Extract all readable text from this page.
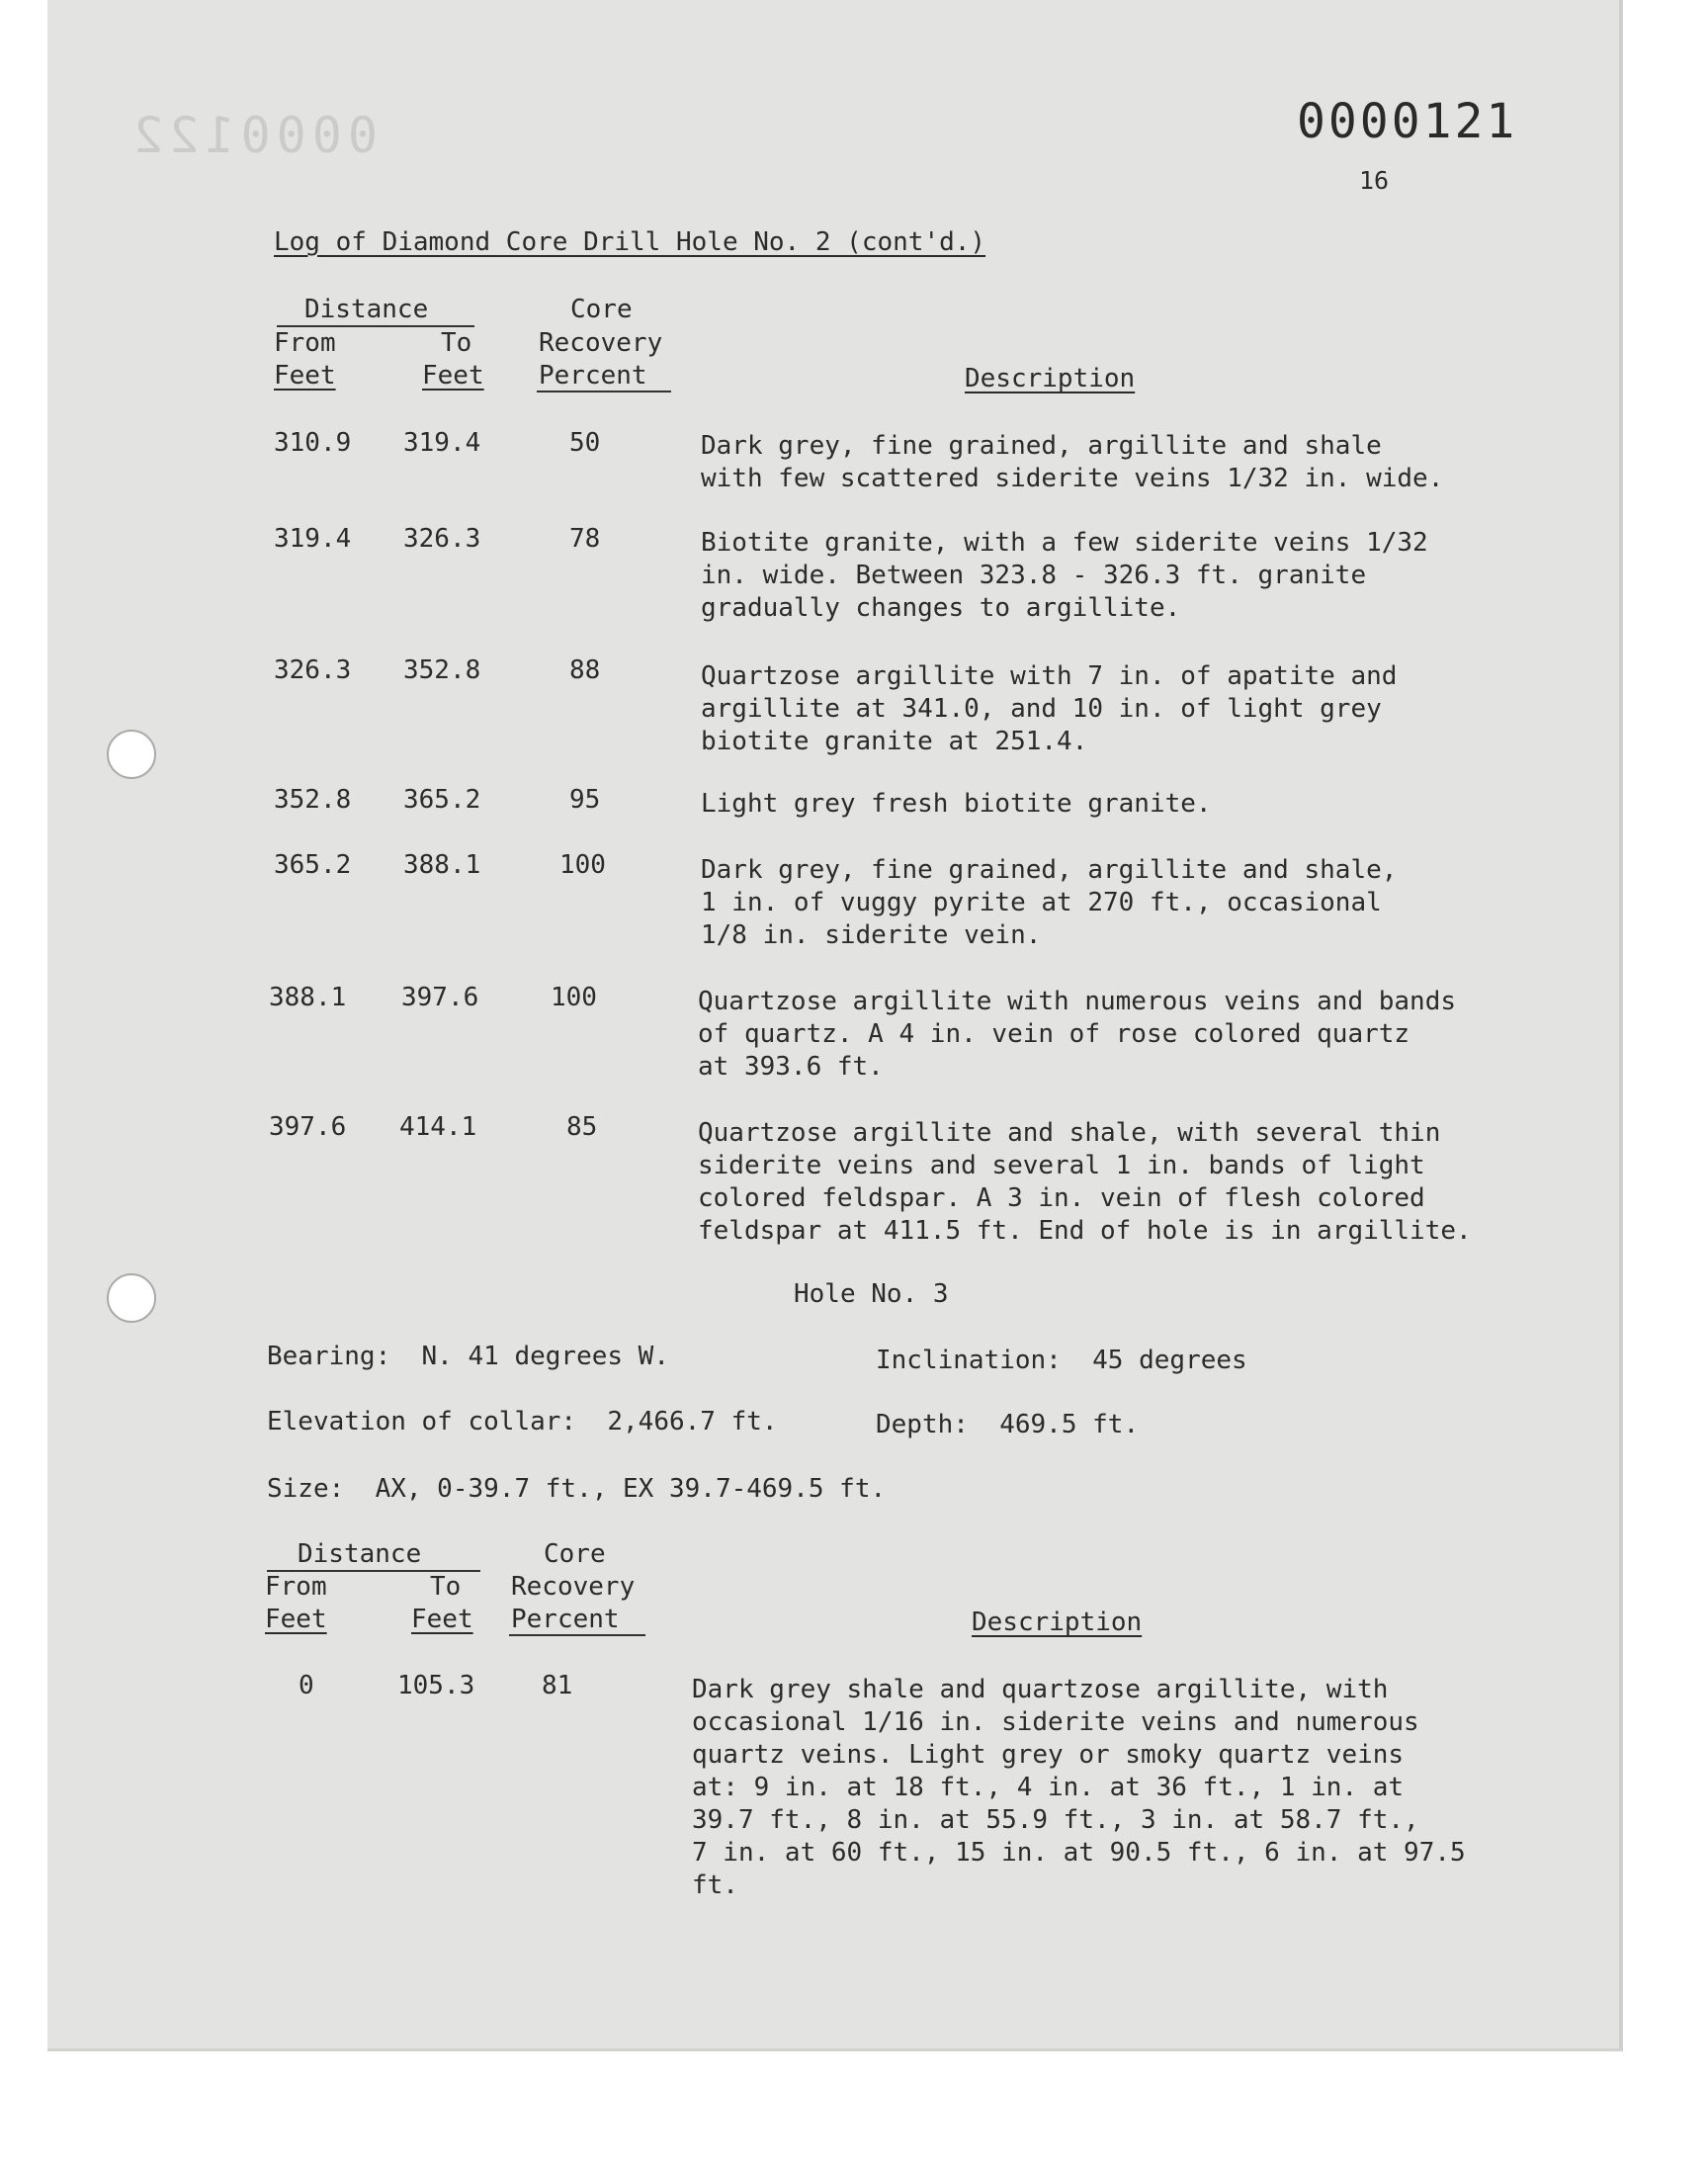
0000122	0000121
16
Log of Diamond Core Drill Hole No. 2 (cont'd.)
Distance	Core
From	To	Recovery
Feet	Feet Percent	Description
310.9 319.4	50	Dark grey, fine grained, argillite and shale
with few scattered siderite veins 1/32 in. wide.
319.4 326.3	78	Biotite granite, with a few siderite veins 1/32
in. wide. Between 323.8 - 326.3 ft. granite
gradually changes to argillite.
326.3 352.8	88	Quartzose argillite with 7 in. of apatite and
argillite at 341.0, and 10 in. of light grey
biotite granite at 251.4.
352.8 365.2	95	Light grey fresh biotite granite.
365.2 388.1	100	Dark grey, fine grained, argillite and shale,
1 in. of vuggy pyrite at 270 ft., occasional
1/8 in. siderite vein.
388.1 397.6	100	Quartzose argillite with numerous veins and bands
of quartz. A 4 in. vein of rose colored quartz
at 393.6 ft.
397.6 414.1	85	Quartzose argillite and shale, with several thin
siderite veins and several 1 in. bands of light
colored feldspar. A 3 in. vein of flesh colored
feldspar at 411.5 ft. End of hole is in argillite.
Hole No. 3
Bearing:  N. 41 degrees W.	Inclination:  45 degrees
Elevation of collar:  2,466.7 ft.	Depth:  469.5 ft.
Size:  AX, 0-39.7 ft., EX 39.7-469.5 ft.
Distance	Core
From	To Recovery
Feet	Feet Percent	Description
0	105.3	81	Dark grey shale and quartzose argillite, with
occasional 1/16 in. siderite veins and numerous
quartz veins. Light grey or smoky quartz veins
at: 9 in. at 18 ft., 4 in. at 36 ft., 1 in. at
39.7 ft., 8 in. at 55.9 ft., 3 in. at 58.7 ft.,
7 in. at 60 ft., 15 in. at 90.5 ft., 6 in. at 97.5
ft.
